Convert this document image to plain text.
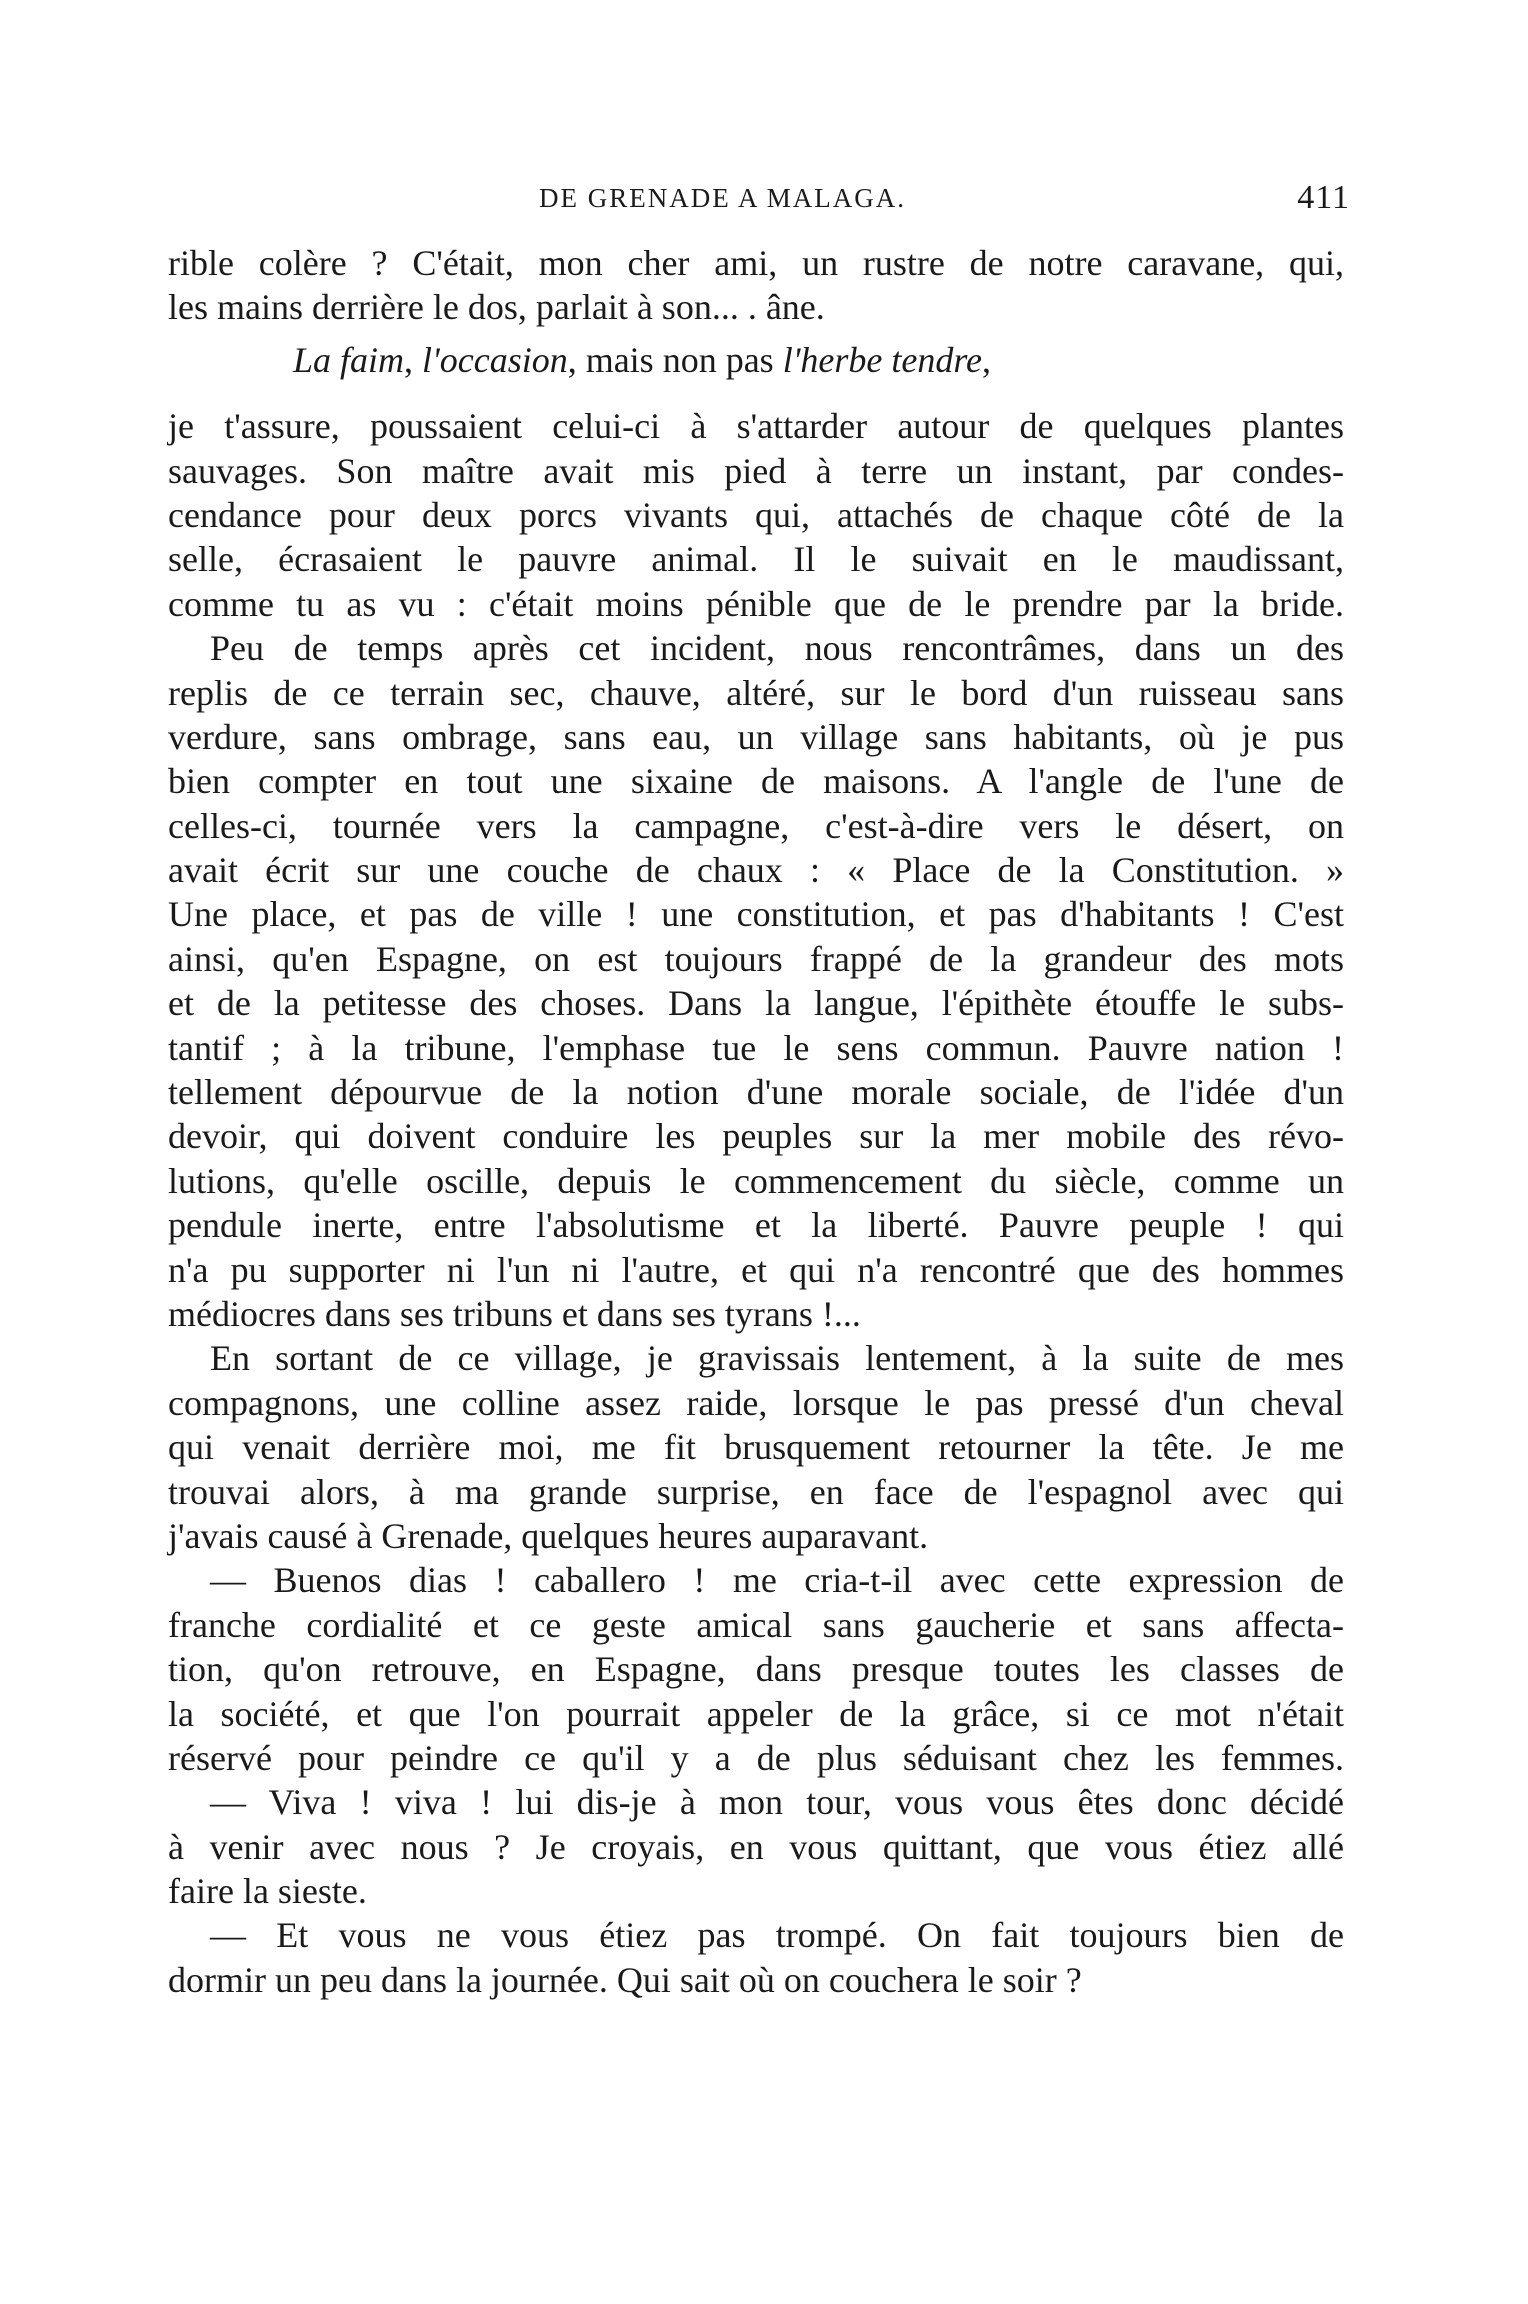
DE GRENADE A MALAGA.	411
rible colère ? C'était, mon cher ami, un rustre de notre caravane, qui,
les mains derrière le dos, parlait à son... . âne.
La faim, l'occasion, mais non pas l'herbe tendre,
je t'assure, poussaient celui-ci à s'attarder autour de quelques plantes
sauvages. Son maître avait mis pied à terre un instant, par condes-
cendance pour deux porcs vivants qui, attachés de chaque côté de la
selle, écrasaient le pauvre animal. Il le suivait en le maudissant,
comme tu as vu : c'était moins pénible que de le prendre par la bride.
Peu de temps après cet incident, nous rencontrâmes, dans un des
replis de ce terrain sec, chauve, altéré, sur le bord d'un ruisseau sans
verdure, sans ombrage, sans eau, un village sans habitants, où je pus
bien compter en tout une sixaine de maisons. A l'angle de l'une de
celles-ci, tournée vers la campagne, c'est-à-dire vers le désert, on
avait écrit sur une couche de chaux : « Place de la Constitution. »
Une place, et pas de ville ! une constitution, et pas d'habitants ! C'est
ainsi, qu'en Espagne, on est toujours frappé de la grandeur des mots
et de la petitesse des choses. Dans la langue, l'épithète étouffe le subs-
tantif ; à la tribune, l'emphase tue le sens commun. Pauvre nation !
tellement dépourvue de la notion d'une morale sociale, de l'idée d'un
devoir, qui doivent conduire les peuples sur la mer mobile des révo-
lutions, qu'elle oscille, depuis le commencement du siècle, comme un
pendule inerte, entre l'absolutisme et la liberté. Pauvre peuple ! qui
n'a pu supporter ni l'un ni l'autre, et qui n'a rencontré que des hommes
médiocres dans ses tribuns et dans ses tyrans !...
En sortant de ce village, je gravissais lentement, à la suite de mes
compagnons, une colline assez raide, lorsque le pas pressé d'un cheval
qui venait derrière moi, me fit brusquement retourner la tête. Je me
trouvai alors, à ma grande surprise, en face de l'espagnol avec qui
j'avais causé à Grenade, quelques heures auparavant.
— Buenos dias ! caballero ! me cria-t-il avec cette expression de
franche cordialité et ce geste amical sans gaucherie et sans affecta-
tion, qu'on retrouve, en Espagne, dans presque toutes les classes de
la société, et que l'on pourrait appeler de la grâce, si ce mot n'était
réservé pour peindre ce qu'il y a de plus séduisant chez les femmes.
— Viva ! viva ! lui dis-je à mon tour, vous vous êtes donc décidé
à venir avec nous ? Je croyais, en vous quittant, que vous étiez allé
faire la sieste.
— Et vous ne vous étiez pas trompé. On fait toujours bien de
dormir un peu dans la journée. Qui sait où on couchera le soir ?
